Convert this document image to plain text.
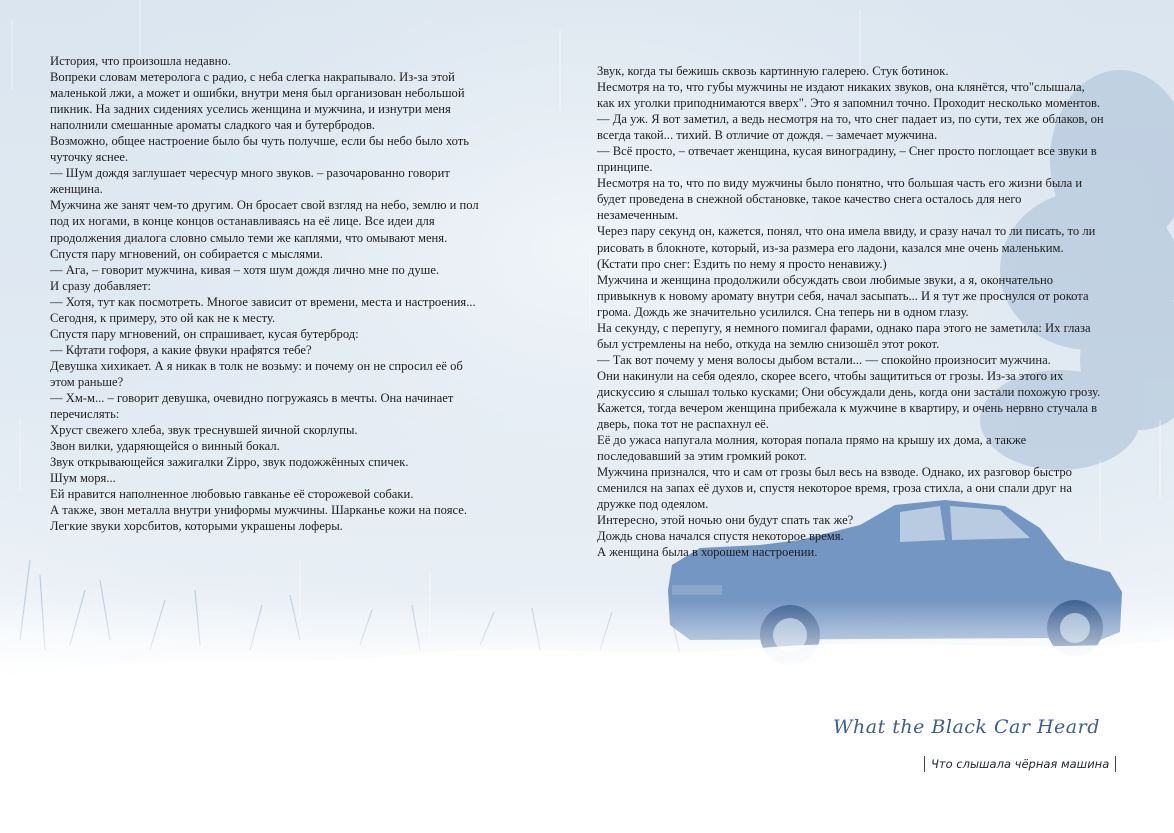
История, что произошла недавно.

Вопреки словам метеролога с радио, с неба слегка накрапывало. Из-за этой

маленькой лжи, а может и ошибки, внутри меня был организован небольшой

пикник. На задних сидениях уселись женщина и мужчина, и изнутри меня

наполнили смешанные ароматы сладкого чая и бутербродов.

Возможно, общее настроение было бы чуть получше, если бы небо было хоть

чуточку яснее.

— Шум дождя заглушает чересчур много звуков. – разочарованно говорит

женщина.

Мужчина же занят чем-то другим. Он бросает свой взгляд на небо, землю и пол

под их ногами, в конце концов останавливаясь на её лице. Все идеи для

продолжения диалога словно смыло теми же каплями, что омывают меня.

Спустя пару мгновений, он собирается с мыслями.

— Ага, – говорит мужчина, кивая – хотя шум дождя лично мне по душе.

И сразу добавляет:

— Хотя, тут как посмотреть. Многое зависит от времени, места и настроения...

Сегодня, к примеру, это ой как не к месту.

Спустя пару мгновений, он спрашивает, кусая бутерброд:

— Кфтати гофоря, а какие фвуки нрафятся тебе?

Девушка хихикает. А я никак в толк не возьму: и почему он не спросил её об

этом раньше?

— Хм-м... – говорит девушка, очевидно погружаясь в мечты. Она начинает

перечислять:

Хруст свежего хлеба, звук треснувшей яичной скорлупы.

Звон вилки, ударяющейся о винный бокал.

Звук открывающейся зажигалки Zippo, звук подожжённых спичек.

Шум моря...

Ей нравится наполненное любовью гавканье её сторожевой собаки.

А также, звон металла внутри униформы мужчины. Шарканье кожи на поясе.

Легкие звуки хорсбитов, которыми украшены лоферы.

Звук, когда ты бежишь сквозь картинную галерею. Стук ботинок.

Несмотря на то, что губы мужчины не издают никаких звуков, она клянётся, что"слышала,

как их уголки приподнимаются вверх". Это я запомнил точно. Проходит несколько моментов.

— Да уж. Я вот заметил, а ведь несмотря на то, что снег падает из, по сути, тех же облаков, он

всегда такой... тихий. В отличие от дождя. – замечает мужчина.

— Всё просто, – отвечает женщина, кусая виноградину, – Снег просто поглощает все звуки в

принципе.

Несмотря на то, что по виду мужчины было понятно, что большая часть его жизни была и

будет проведена в снежной обстановке, такое качество снега осталось для него

незамеченным.

Через пару секунд он, кажется, понял, что она имела ввиду, и сразу начал то ли писать, то ли

рисовать в блокноте, который, из-за размера его ладони, казался мне очень маленьким.

(Кстати про снег: Ездить по нему я просто ненавижу.)

Мужчина и женщина продолжили обсуждать свои любимые звуки, а я, окончательно

привыкнув к новому аромату внутри себя, начал засыпать... И я тут же проснулся от рокота

грома. Дождь же значительно усилился. Сна теперь ни в одном глазу.

На секунду, с перепугу, я немного помигал фарами, однако пара этого не заметила: Их глаза

был устремлены на небо, откуда на землю снизошёл этот рокот.

— Так вот почему у меня волосы дыбом встали... — спокойно произносит мужчина.

Они накинули на себя одеяло, скорее всего, чтобы защититься от грозы. Из-за этого их

дискуссию я слышал только кусками; Они обсуждали день, когда они застали похожую грозу.

Кажется, тогда вечером женщина прибежала к мужчине в квартиру, и очень нервно стучала в

дверь, пока тот не распахнул её.

Её до ужаса напугала молния, которая попала прямо на крышу их дома, а также

последовавший за этим громкий рокот.

Мужчина признался, что и сам от грозы был весь на взводе. Однако, их разговор быстро

сменился на запах её духов и, спустя некоторое время, гроза стихла, а они спали друг на

дружке под одеялом.

Интересно, этой ночью они будут спать так же?

Дождь снова начался спустя некоторое время.

А женщина была в хорошем настроении.

What the Black Car Heard
Что слышала чёрная машина
